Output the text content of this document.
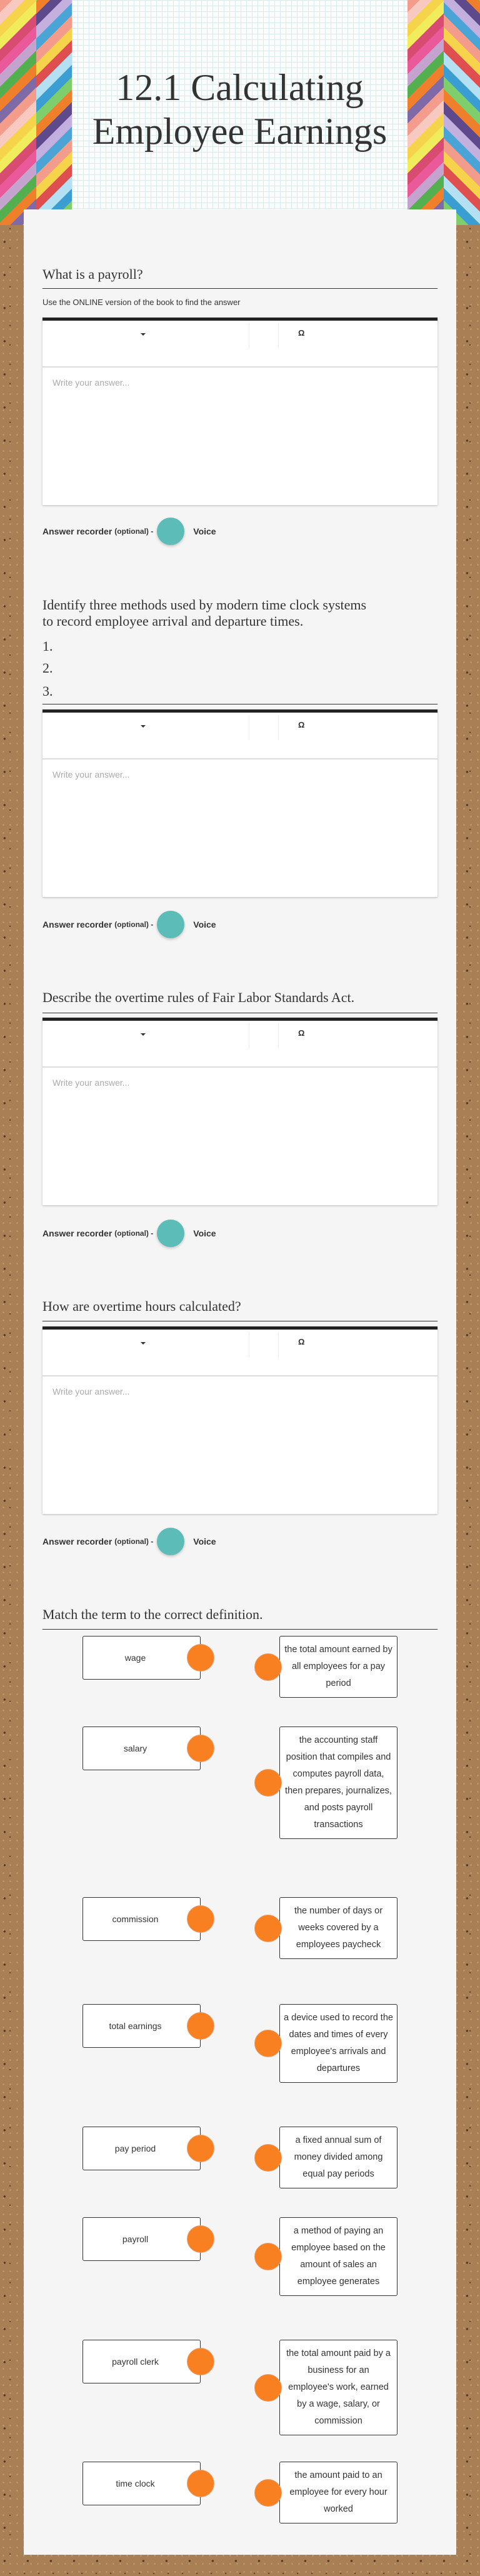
12.1 Calculating
Employee Earnings
What is a payroll?
Use the ONLINE version of the book to find the answer
Ω
Write your answer...
Answer recorder (optional) -	Voice
Identify three methods used by modern time clock systems
to record employee arrival and departure times.
1.
2.
3.
Ω
Write your answer...
Answer recorder (optional) -	Voice
Describe the overtime rules of Fair Labor Standards Act.
Ω
Write your answer...
Answer recorder (optional) -	Voice
How are overtime hours calculated?
Ω
Write your answer...
Answer recorder (optional) -	Voice
Match the term to the correct definition.
wage
the total amount earned by all employees for a pay period
salary
the accounting staff position that compiles and computes payroll data, then prepares, journalizes, and posts payroll transactions
commission
the number of days or weeks covered by a employees paycheck
total earnings
a device used to record the dates and times of every employee's arrivals and departures
pay period
a fixed annual sum of money divided among equal pay periods
payroll
a method of paying an employee based on the amount of sales an employee generates
payroll clerk
the total amount paid by a business for an employee's work, earned by a wage, salary, or commission
time clock
the amount paid to an employee for every hour worked
